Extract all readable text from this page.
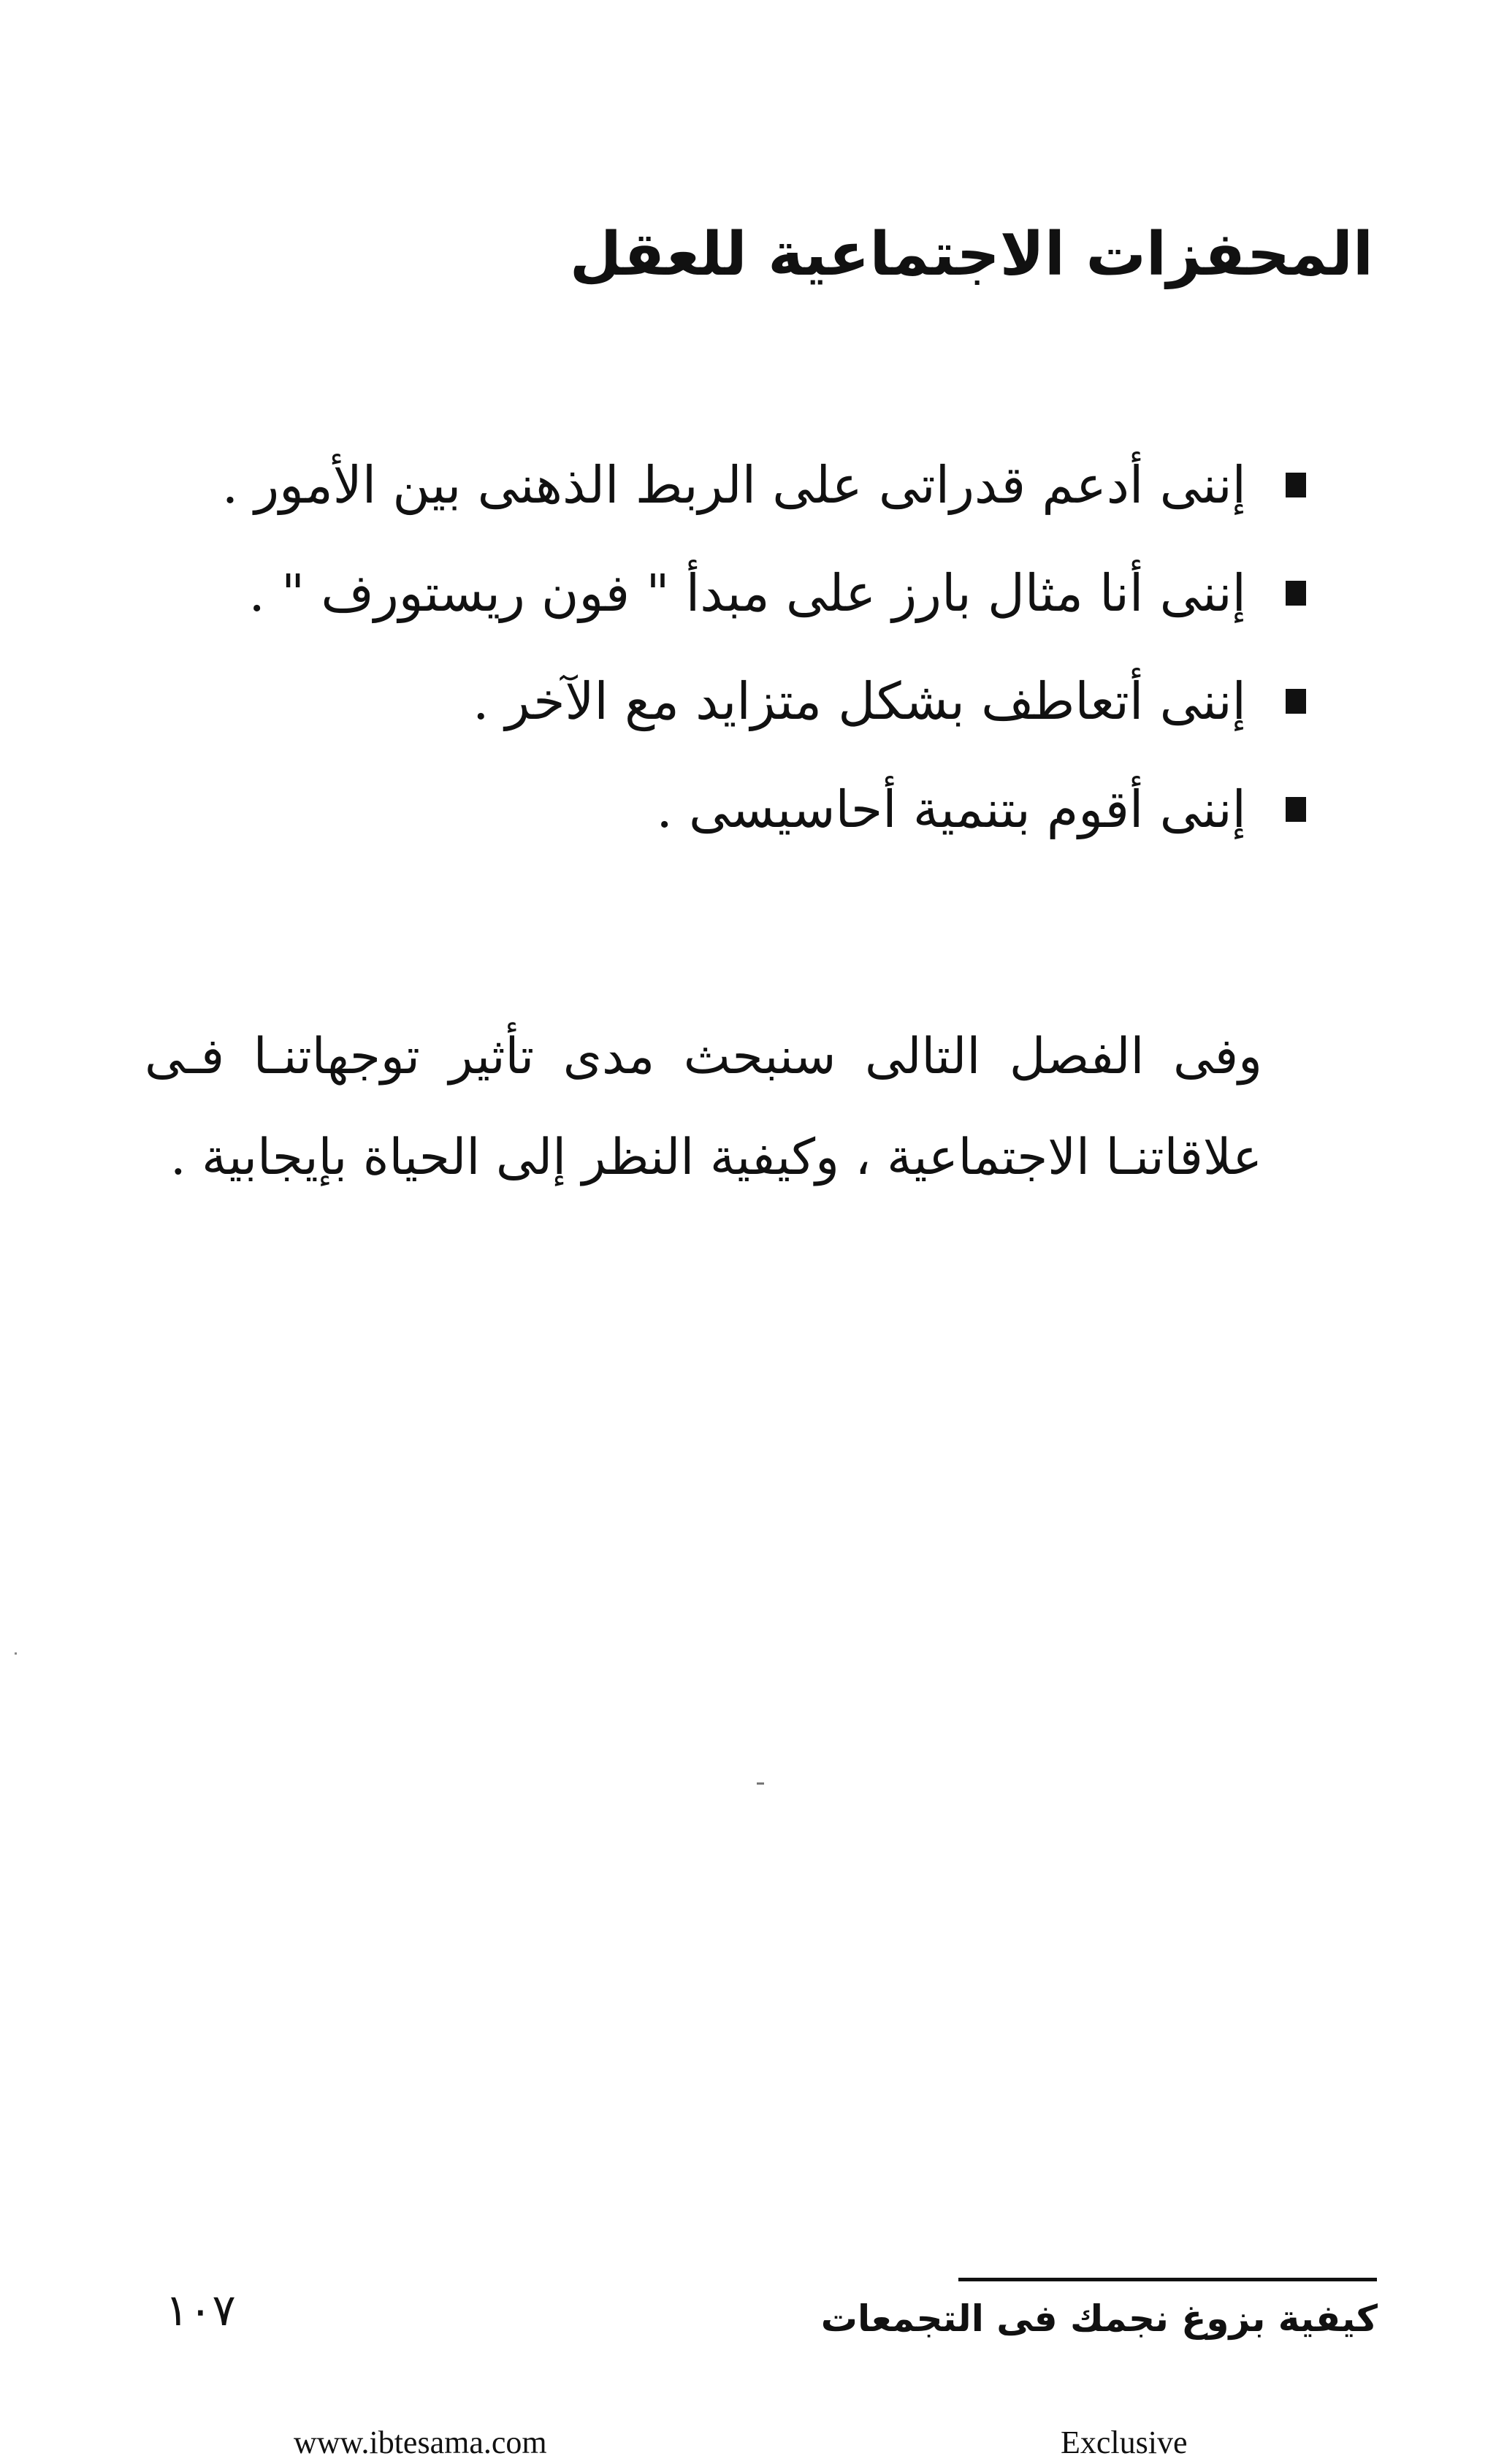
المحفزات الاجتماعية للعقل
إننى أدعم قدراتى على الربط الذهنى بين الأمور .
إننى أنا مثال بارز على مبدأ " فون ريستورف " .
إننى أتعاطف بشكل متزايد مع الآخر .
إننى أقوم بتنمية أحاسيسى .

وفى الفصل التالى سنبحث مدى تأثير توجهاتنـا فـى علاقاتنـا الاجتماعية ، وكيفية النظر إلى الحياة بإيجابية .

كيفية بزوغ نجمك فى التجمعات
١٠٧
www.ibtesama.com	Exclusive
